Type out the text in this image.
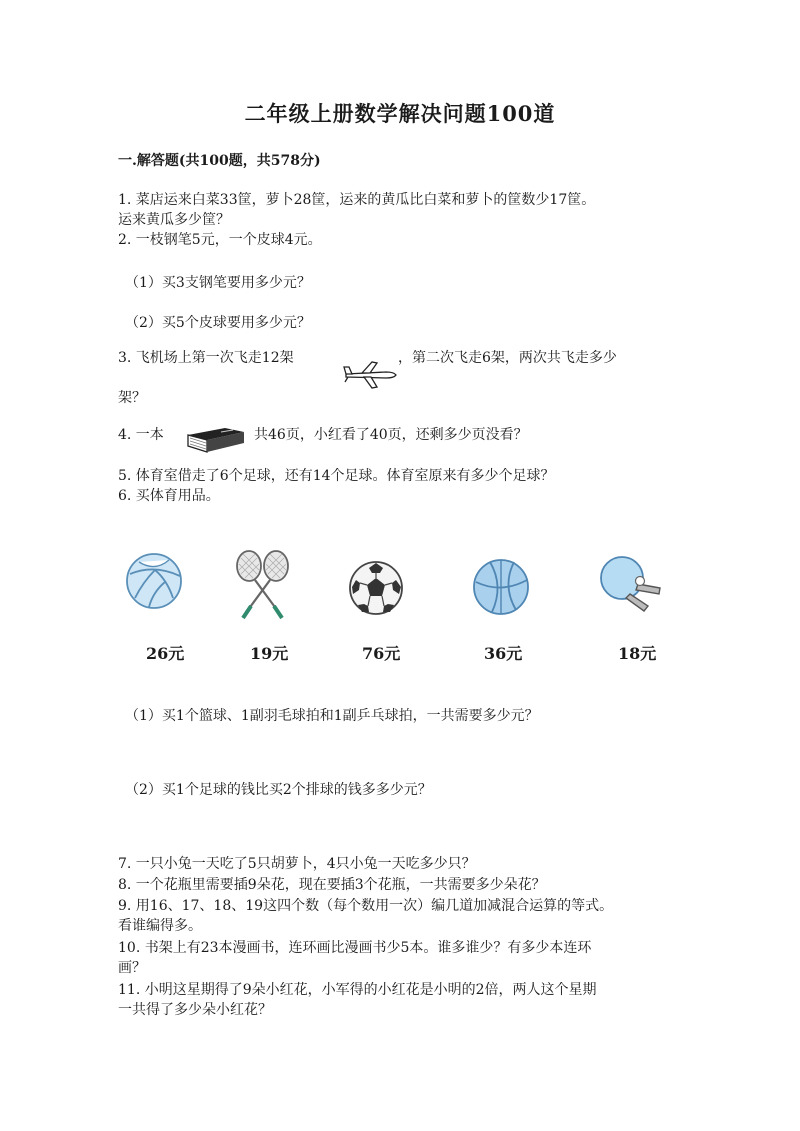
二年级上册数学解决问题100道
一.解答题(共100题，共578分)
1. 菜店运来白菜33筐，萝卜28筐，运来的黄瓜比白菜和萝卜的筐数少17筐。
运来黄瓜多少筐？
2. 一枝钢笔5元，一个皮球4元。
（1）买3支钢笔要用多少元？
（2）买5个皮球要用多少元？
3. 飞机场上第一次飞走12架	，第二次飞走6架，两次共飞走多少
架？
4. 一本	共46页，小红看了40页，还剩多少页没看？
5. 体育室借走了6个足球，还有14个足球。体育室原来有多少个足球？
6. 买体育用品。
26元	19元	76元	36元	18元
（1）买1个篮球、1副羽毛球拍和1副乒乓球拍，一共需要多少元？
（2）买1个足球的钱比买2个排球的钱多多少元？
7. 一只小兔一天吃了5只胡萝卜，4只小兔一天吃多少只？
8. 一个花瓶里需要插9朵花，现在要插3个花瓶，一共需要多少朵花？
9. 用16、17、18、19这四个数（每个数用一次）编几道加减混合运算的等式。
看谁编得多。
10. 书架上有23本漫画书，连环画比漫画书少5本。谁多谁少？有多少本连环
画？
11. 小明这星期得了9朵小红花，小军得的小红花是小明的2倍，两人这个星期
一共得了多少朵小红花？
